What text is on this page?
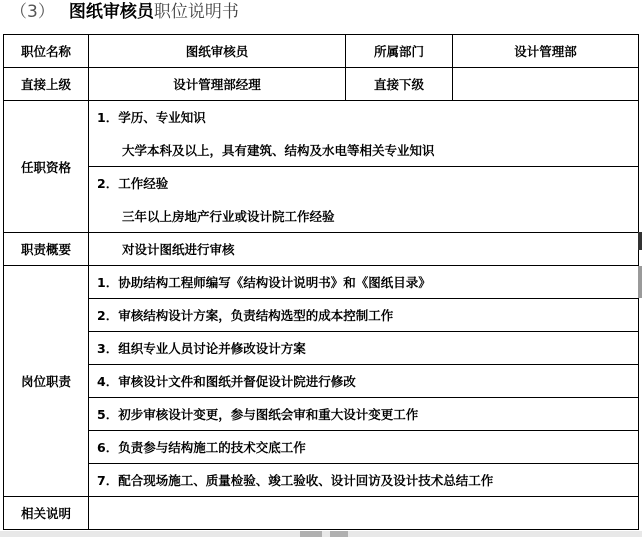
（3） 图纸审核员职位说明书
职位名称	图纸审核员	所属部门	设计管理部
直接上级	设计管理部经理	直接下级	
任职资格	1．学历、专业知识		
	大学本科及以上，具有建筑、结构及水电等相关专业知识		
	2．工作经验		
	三年以上房地产行业或设计院工作经验		
职责概要	对设计图纸进行审核		
岗位职责	1．协助结构工程师编写《结构设计说明书》和《图纸目录》		
	2．审核结构设计方案，负责结构选型的成本控制工作		
	3．组织专业人员讨论并修改设计方案		
	4．审核设计文件和图纸并督促设计院进行修改		
	5．初步审核设计变更，参与图纸会审和重大设计变更工作		
	6．负责参与结构施工的技术交底工作		
	7．配合现场施工、质量检验、竣工验收、设计回访及设计技术总结工作		
相关说明			
